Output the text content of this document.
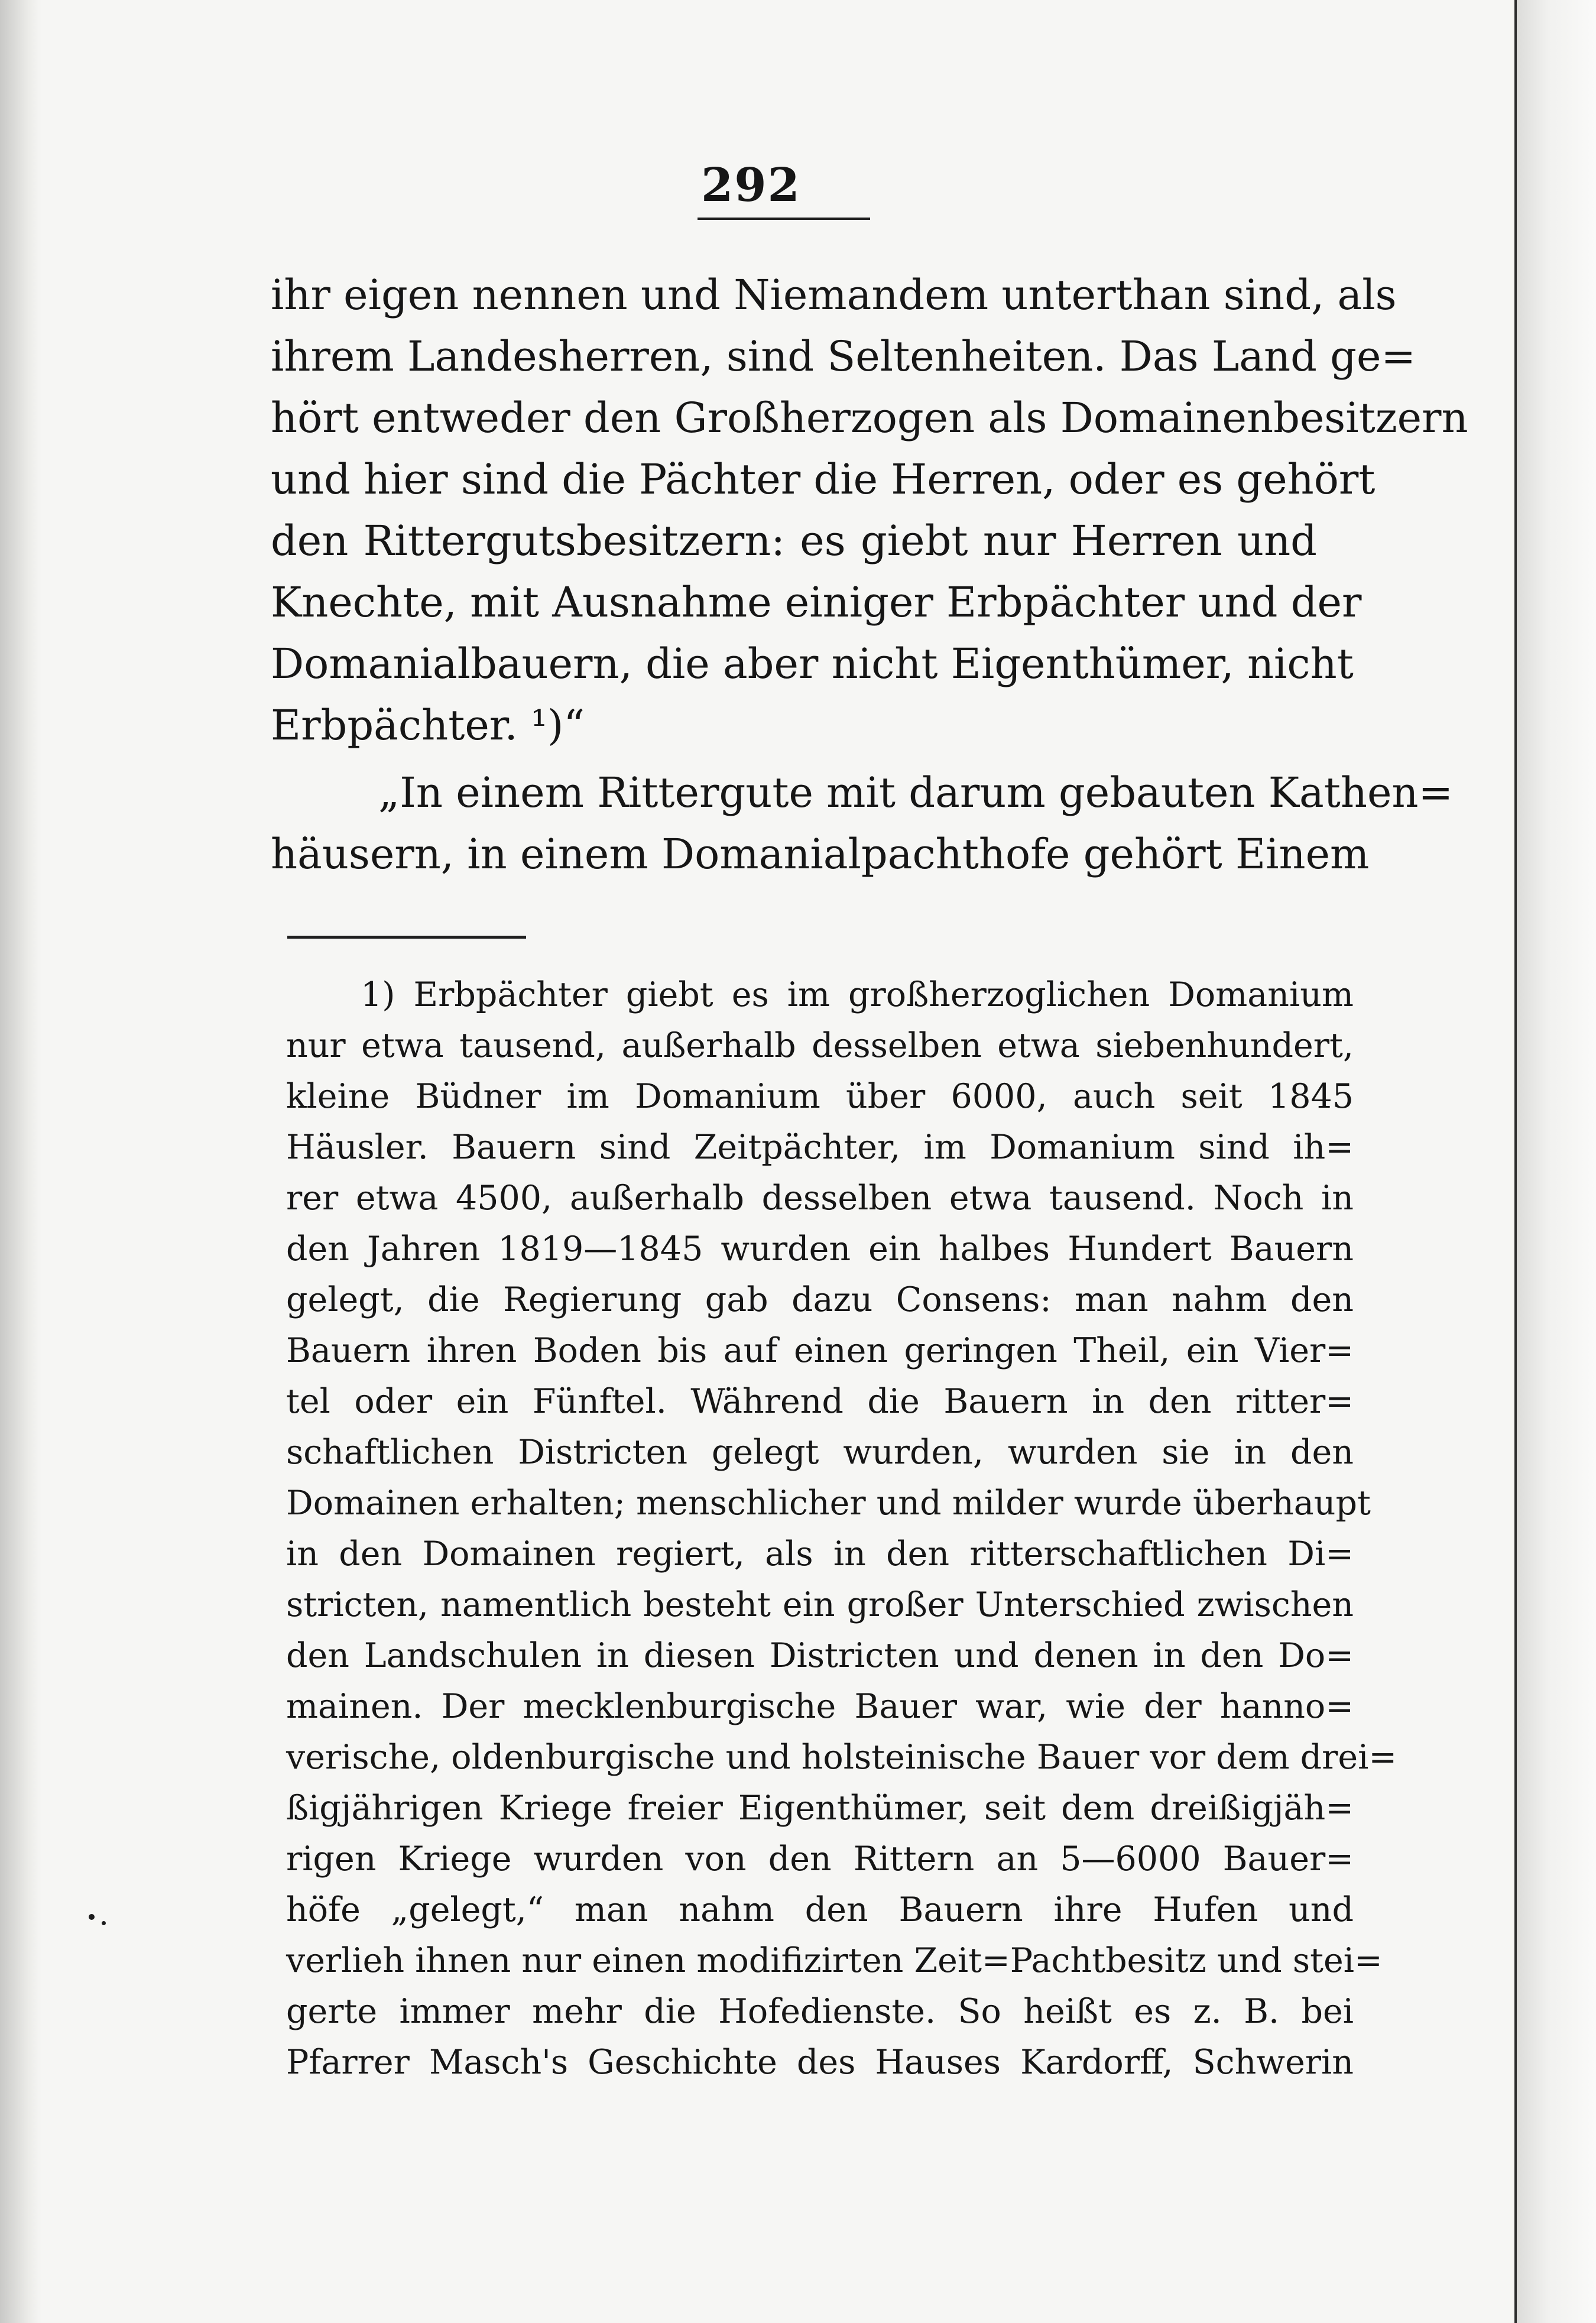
292
ihr eigen nennen und Niemandem unterthan sind, als
ihrem Landesherren, sind Seltenheiten. Das Land ge=
hört entweder den Großherzogen als Domainenbesitzern
und hier sind die Pächter die Herren, oder es gehört
den Rittergutsbesitzern: es giebt nur Herren und
Knechte, mit Ausnahme einiger Erbpächter und der
Domanialbauern, die aber nicht Eigenthümer, nicht
Erbpächter. ¹)“
„In einem Rittergute mit darum gebauten Kathen=
häusern, in einem Domanialpachthofe gehört Einem
1) Erbpächter giebt es im großherzoglichen Domanium
nur etwa tausend, außerhalb desselben etwa siebenhundert,
kleine Büdner im Domanium über 6000, auch seit 1845
Häusler. Bauern sind Zeitpächter, im Domanium sind ih=
rer etwa 4500, außerhalb desselben etwa tausend. Noch in
den Jahren 1819—1845 wurden ein halbes Hundert Bauern
gelegt, die Regierung gab dazu Consens: man nahm den
Bauern ihren Boden bis auf einen geringen Theil, ein Vier=
tel oder ein Fünftel. Während die Bauern in den ritter=
schaftlichen Districten gelegt wurden, wurden sie in den
Domainen erhalten; menschlicher und milder wurde überhaupt
in den Domainen regiert, als in den ritterschaftlichen Di=
stricten, namentlich besteht ein großer Unterschied zwischen
den Landschulen in diesen Districten und denen in den Do=
mainen. Der mecklenburgische Bauer war, wie der hanno=
verische, oldenburgische und holsteinische Bauer vor dem drei=
ßigjährigen Kriege freier Eigenthümer, seit dem dreißigjäh=
rigen Kriege wurden von den Rittern an 5—6000 Bauer=
höfe „gelegt,“ man nahm den Bauern ihre Hufen und
verlieh ihnen nur einen modifizirten Zeit=Pachtbesitz und stei=
gerte immer mehr die Hofedienste. So heißt es z. B. bei
Pfarrer Masch's Geschichte des Hauses Kardorff, Schwerin
